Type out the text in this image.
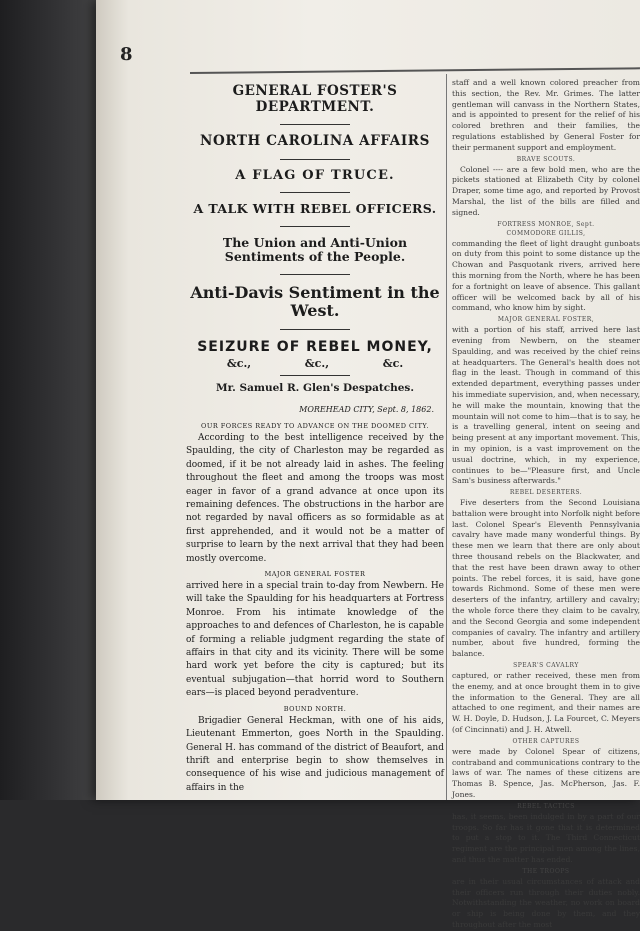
8

GENERAL FOSTER'S DEPARTMENT.

NORTH CAROLINA AFFAIRS

A FLAG OF TRUCE.

A TALK WITH REBEL OFFICERS.

The Union and Anti-Union Sentiments of the People.

Anti-Davis Sentiment in the West.

SEIZURE OF REBEL MONEY,

&c.,	&c.,	&c.

Mr. Samuel R. Glen's Despatches.

MOREHEAD CITY, Sept. 8, 1862.

OUR FORCES READY TO ADVANCE ON THE DOOMED CITY.

According to the best intelligence received by the Spaulding, the city of Charleston may be regarded as doomed, if it be not already laid in ashes. The feeling throughout the fleet and among the troops was most eager in favor of a grand advance at once upon its remaining defences. The obstructions in the harbor are not regarded by naval officers as so formidable as at first apprehended, and it would not be a matter of surprise to learn by the next arrival that they had been mostly overcome.

MAJOR GENERAL FOSTER

arrived here in a special train to-day from Newbern. He will take the Spaulding for his headquarters at Fortress Monroe. From his intimate knowledge of the approaches to and defences of Charleston, he is capable of forming a reliable judgment regarding the state of affairs in that city and its vicinity. There will be some hard work yet before the city is captured; but its eventual subjugation—that horrid word to Southern ears—is placed beyond peradventure.

BOUND NORTH.

Brigadier General Heckman, with one of his aids, Lieutenant Emmerton, goes North in the Spaulding. General H. has command of the district of Beaufort, and thrift and enterprise begin to show themselves in consequence of his wise and judicious management of affairs in the

staff and a well known colored preacher from this section, the Rev. Mr. Grimes. The latter gentleman will canvass in the Northern States, and is appointed to present for the relief of his colored brethren and their families, the regulations established by General Foster for their permanent support and employment.

BRAVE SCOUTS.

Colonel ---- are a few bold men, who are the pickets stationed at Elizabeth City by colonel Draper, some time ago, and reported by Provost Marshal, the list of the bills are filled and signed.

FORTRESS MONROE, Sept.

COMMODORE GILLIS,

commanding the fleet of light draught gunboats on duty from this point to some distance up the Chowan and Pasquotank rivers, arrived here this morning from the North, where he has been for a fortnight on leave of absence. This gallant officer will be welcomed back by all of his command, who know him by sight.

MAJOR GENERAL FOSTER,

with a portion of his staff, arrived here last evening from Newbern, on the steamer Spaulding, and was received by the chief reins at headquarters. The General's health does not flag in the least. Though in command of this extended department, everything passes under his immediate supervision, and, when necessary, he will make the mountain, knowing that the mountain will not come to him—that is to say, he is a travelling general, intent on seeing and being present at any important movement. This, in my opinion, is a vast improvement on the usual doctrine, which, in my experience, continues to be—"Pleasure first, and Uncle Sam's business afterwards."

REBEL DESERTERS.

Five deserters from the Second Louisiana battalion were brought into Norfolk night before last. Colonel Spear's Eleventh Pennsylvania cavalry have made many wonderful things. By these men we learn that there are only about three thousand rebels on the Blackwater, and that the rest have been drawn away to other points. The rebel forces, it is said, have gone towards Richmond. Some of these men were deserters of the infantry, artillery and cavalry; the whole force there they claim to be cavalry, and the Second Georgia and some independent companies of cavalry. The infantry and artillery number, about five hundred, forming the balance.

SPEAR'S CAVALRY

captured, or rather received, these men from the enemy, and at once brought them in to give the information to the General. They are all attached to one regiment, and their names are W. H. Doyle, D. Hudson, J. La Fourcet, C. Meyers (of Cincinnati) and J. H. Atwell.

OTHER CAPTURES

were made by Colonel Spear of citizens, contraband and communications contrary to the laws of war. The names of these citizens are Thomas B. Spence, Jas. McPherson, Jas. F. Jones.

REBEL TACTICS

has, it seems, been indulged in by a part of our troops. So far has it gone that it is determined to put a stop to it. The Third Connecticut regiment are the principal men among the lines, and thus the matter has ended.

THE TROOPS

are in their usual circumstances of attack and their officers run through their duties nobly. Notwithstanding the weather, no work on board or ship is being done by them, and they throughout after the most
